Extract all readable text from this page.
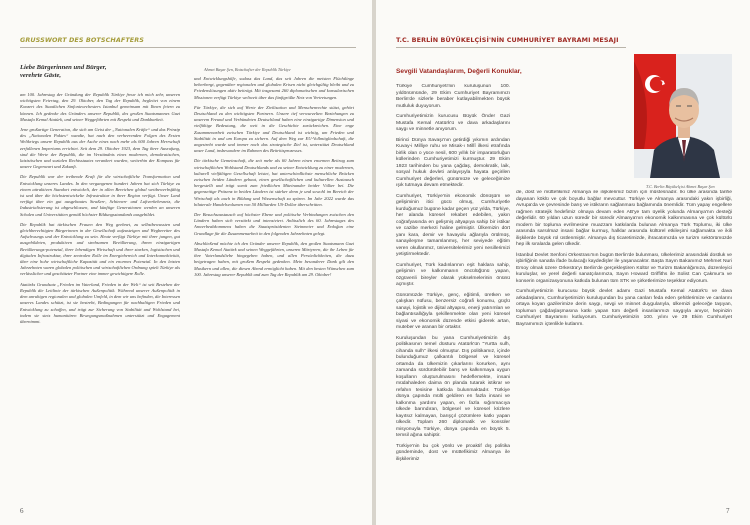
GRUSSWORT DES BOTSCHAFTERS
Liebe Bürgerinnen und Bürger,
verehrte Gäste,
Ahmet Başar Şen, Botschafter der Republik Türkiye

am 100. Jahrestag der Gründung der Republik Türkiye freue ich mich sehr, unseren wichtigsten Feiertag, den 29. Oktober, den Tag der Republik, begleitet von einem Konzert des Staatlichen Sinfonieorchesters Istanbul gemeinsam mit Ihnen feiern zu können. Ich gedenke des Gründers unserer Republik, des großen Staatsmannes Gazi Mustafa Kemal Atatürk, und seiner Weggefährten mit Respekt und Dankbarkeit.

Jene großartige Generation, die sich am Geist der „Nationalen Kräfte“ und das Prinzip des „Nationalen Paktes“ wandte, hat nach den verheerenden Folgen des Ersten Weltkriegs unsere Republik aus der Asche eines nach mehr als 600 Jahren Herrschaft zerfallenen Imperiums errichtet. Seit dem 29. Oktober 1923, dem Tag ihrer Ausrufung, sind die Werte der Republik, die im Verständnis eines modernen, demokratischen, laizistischen und sozialen Rechtsstaates verankert wurden, weiterhin der Kompass für unsere Gegenwart und Zukunft.

Die Republik war der treibende Kraft für die wirtschaftliche Transformation und Entwicklung unseres Landes. In den vergangenen hundert Jahren hat sich Türkiye zu einem attraktiven Standort entwickelt, der in allen Bereichen global wettbewerbsfähig ist und über die höchstentwickelte Infrastruktur in ihrer Region verfügt. Unser Land verfügt über ein gut ausgebautes Straßen-, Schienen- und Luftverkehrsnetz, die Industrialisierung ist abgeschlossen, und künftige Generationen werden an unseren Schulen und Universitäten gemäß höchster Bildungsstandards ausgebildet.

Die Republik hat türkischen Frauen den Weg geebnet, zu selbstbewussten und gleichberechtigten Bürgerinnen in der Gesellschaft aufzusteigen und Wegbereiter des Aufschwungs und der Entwicklung zu sein. Heute verfügt Türkiye mit ihrer jungen, gut ausgebildeten, produktiven und strebsamen Bevölkerung, ihrem einzigartigen Bevölkerungs-potenzial, ihrer lebendigen Wirtschaft und ihrer starken, logistischen und digitalen Infrastruktur, ihrer zentralen Rolle im Energiebereich und Interkonnektivität, über eine hohe wirtschaftliche Kapazität und ein enormes Potenzial. In den letzten Jahrzehnten waren globalen politischen und wirtschaftlichen Ordnung spielt Türkiye als verlässlicher und geschätzter Partner eine immer gewichtigere Rolle.

Atatürks Grundsatz „Frieden im Vaterland, Frieden in der Welt“ ist seit Bestehen der Republik die Leitlinie der türkischen Außenpolitik. Während unserer Außenpolitik in dem unruhigen regionalen und globalen Umfeld, in dem wir uns befinden, die Interessen unseres Landes schützt, ist sie bestrebt, Bedingungen für nachhaltigen Frieden und Entwicklung zu schaffen, und trägt zur Sicherung von Stabilität und Wohlstand bei, indem sie stets humanitären Bewegungsmaßnahmen unterstützt und Engagement übernimmt.

und Entwicklungshilfe, sodass das Land, das seit Jahren die meisten Flüchtlinge beherbergt, gegenüber regionalen und globalen Krisen nicht gleichgültig bleibt und zu Friedenslösungen aktiv beiträgt. Mit insgesamt 260 diplomatischen und konsularischen Missionen verfügt Türkiye weltweit über das fünftgrößte Netz von Vertretungen.

Für Türkiye, die sich auf Werte der Zivilisation und Menschenrechte stützt, gehört Deutschland zu den wichtigsten Partnern. Unsere tief verwurzelten Beziehungen zu unserem Freund und Verbündeten Deutschland haben eine einzigartige Dimension und vielfältige Bedeutung, die weit in die Geschichte zurückreichen. Eine enge Zusammenarbeit zwischen Türkiye und Deutschland ist wichtig, um Frieden und Stabilität in und um Europa zu sichern. Auf dem Weg zur EU-Vollmitgliedschaft, die angestrebt wurde und immer noch das strategische Ziel ist, unterstützt Deutschland unser Land, insbesondere im Rahmen des Beitrittsprozesses.

Die türkische Gemeinschaft, die seit mehr als 60 Jahren einen enormen Beitrag zum wirtschaftlichen Wohlstand Deutschlands und zu seiner Entwicklung zu einer modernen, kulturell vielfältigen Gesellschaft leistet, hat unterschiedlichste menschliche Brücken zwischen beiden Ländern gebaut, einen gesellschaftlichen und kulturellen Austausch hergestellt und trägt somit zum friedlichen Miteinander beider Völker bei. Die gegenseitige Präsenz in beiden Ländern ist stärker denn je und sowohl im Bereich der Wirtschaft als auch in Bildung und Wissenschaft zu spüren. Im Jahr 2022 wurde das bilaterale Handelsvolumen von 50 Milliarden US-Dollar überschritten.

Der Besuchsaustausch auf höchster Ebene und politische Verbindungen zwischen den Ländern haben sich verstärkt und intensiviert. Anlässlich des 60. Jahrestages des Anwerbeabkommens haben die Staatspräsidenten Steinmeier und Erdoğan eine Grundlage für die Zusammenarbeit in den folgenden Jahrzehnten gelegt.

Abschließend möchte ich den Gründer unserer Republik, den großen Staatsmann Gazi Mustafa Kemal Atatürk und seinen Weggefährten, unseren Märtyrern, die ihr Leben für ihre Vaterlandsliebe hingegeben haben, und allen Persönlichkeiten, die dazu beigetragen haben, mit großem Respekt gedenken. Mein besonderer Dank gilt den Musikern und allen, die diesen Abend ermöglicht haben. Mit den besten Wünschen zum 100. Jahrestag unserer Republik und zum Tag der Republik am 29. Oktober!

6
T.C. BERLİN BÜYÜKELÇİSİ'NİN CUMHURİYET BAYRAMI MESAJI
Sevgili Vatandaşlarım, Değerli Konuklar,
T.C. Berlin Büyükelçisi Ahmet Başar Şen

Türkiye Cumhuriyeti'nin kuruluşunun 100. yıldönümünde, 29 Ekim Cumhuriyet Bayramımızı Berlin'de sizlerle beraber kutlayabilmekten büyük mutluluk duyuyorum.

Cumhuriyetimizin kurucusu Büyük Önder Gazi Mustafa Kemal Atatürk'ü ve dava arkadaşlarını saygı ve minnetle anıyorum.

Birinci Dünya Savaşı'nın getirdiği yıkımın ardından Kuvay-i Milliye ruhu ve Misak-ı Millî ilkesi etrafında birlik olan o yüce nesil, 600 yıllık bir imparatorluğun küllerinden Cumhuriyetimizi kurmuştur. 29 Ekim 1923 tarihinden bu yana çağdaş, demokratik, laik, sosyal hukuk devleti anlayışıyla hayata geçirilen Cumhuriyet değerleri, günümüze ve geleceğimize ışık tutmaya devam etmektedir.

Cumhuriyet, Türkiye'nin ekonomik dönüşüm ve gelişiminin itici gücü olmuş, Cumhuriyetle kurduğumuz bugüne kadar geçen yüz yılda, Türkiye, her alanda küresel rekabet edebilen, yakın coğrafyasında en gelişmiş altyapıya sahip bir istikar ve cazibe merkezi haline gelmiştir. Ülkemizin dört yanı kara, demir ve havayolu ağlarıyla örülmüş, sanayileşme tamamlanmış, her seviyede eğitim veren okullarımız, üniversitelerimiz yeni nesillerimizi yetiştirmektedir.

Cumhuriyet, Türk kadınlarının eşit haklara sahip, gelişimin ve kalkınmanın öncülüğünü yapan, özgüvenli bireyler olarak yükselmelerinin önünü açmıştır.

Günümüzde Türkiye, genç, eğitimli, üretken ve çalışkan nüfusu, benzersiz coğrafi konumu, güçlü sanayi, lojistik ve dijital altyapısı, enerji yatırımları ve bağlantısallığıyla şekillenmekte olan yeni küresel siyasi ve ekonomik düzende etkisi giderek artan, muteber ve aranan bir ortaktır.

Kuruluşundan bu yana Cumhuriyetimizin dış politikasının temel düsturu Atatürk'ün "Yurtta sulh, cihanda sulh" ilkesi olmuştur. Dış politikamız, içinde bulunduğumuz çalkantılı bölgesel ve küresel ortamda da ülkemizin çıkarlarını korurken, aynı zamanda sürdürülebilir barış ve kalkınmaya uygun koşulların oluşturulmasını hedeflemekte, insani müdahaleden daima ön planda tutarak istikrar ve refahın tesisine katkıda bulunmaktadır. Türkiye dünya çapında mülti geldiren en fazla insani ve kalkınma yardımı yapan, en fazla sığınmacıya ülkede barındıran, bölgesel ve küresel krizlere kayıtsız kalmayan, barışçıl çözümlere katkı yapan ülkedir. Toplam 260 diplomatik ve konsüler misyonuyla Türkiye, dünya çapında en büyük 5. temsil ağına sahiptir.

Türkiye'nin bu çok yönlü ve proaktif dış politika gündeminde, dost ve müttefikimiz Almanya ile ilişkilerimiz

de, dost ve müttefikimiz Almanya ile ilişkilerimiz bizim için müstesnadır. İki ülke arasında tarihe dayanan köklü ve çok boyutlu bağlar mevcuttur. Türkiye ve Almanya arasındaki yakın işbirliği, Avrupa'da ve çevresinde barış ve istikrarın sağlanması bağlamında önemlidir. Tüm yapay engellere rağmen stratejik hedefimiz olmaya devam eden AB'ye tam üyelik yolunda Almanya'nın desteği değerlidir. 60 yıldan uzun süredir bir süredir Almanya'nın ekonomik kalkınmasına ve çok kültürlü modern bir topluma evrilmesine muazzam katkılarda bulunan Almanya Türk Toplumu, iki ülke arasında sarsılmaz insani bağlar kurmuş, halklar arasında kültürel etkileşimi sağlamakta ve ikili ilişkilerde büyük rol üstlenmiştir. Almanya dış ticaretimizde, ihracatımızda ve turizm sektörümüzde hep ilk sıralarda gelen ülkedir.

İstanbul Devlet Senfoni Orkestrası'nın bugün Berlin'de bulunması, ülkelerimiz arasındaki dostluk ve işbirliğinin sanatla ifade bulacağı kaydedişler ile yaşanacaktır. Başta Sayın Bakanımız Mehmet Nuri Ersoy olmak üzere Orkestra'yı Berlin'de gerçekleştiren Kültür ve Turizm Bakanlığımıza, düzenleyici kuruluşlar, ve yerel değerli sanatçılarımıza, Sayın Howard Griffiths ile Solist Can Çakmur'a ve konserin organizasyonuna katkıda bulunan tüm STK ve şirketlerimize teşekkür ediyorum.

Cumhuriyetimizin kurucusu büyük devlet adamı Gazi Mustafa Kemal Atatürk'ü ve dava arkadaşlarını, Cumhuriyetimizin kuruluşundan bu yana canları feda eden şehitlerimize ve canlarını ortaya koyan gazilerimize derin saygı, sevgi ve minnet duygularıyla, ülkemizi geleceğe taşıyan, toplumun çağdaşlaşmasına katkı yapan tüm değerli insanlarımızı saygıyla anıyor, hepinizin Cumhuriyet Bayramını kutluyorum. Cumhuriyetimizin 100. yılını ve 29 Ekim Cumhuriyet Bayramımızı içtenlikle kutlarım.

7
